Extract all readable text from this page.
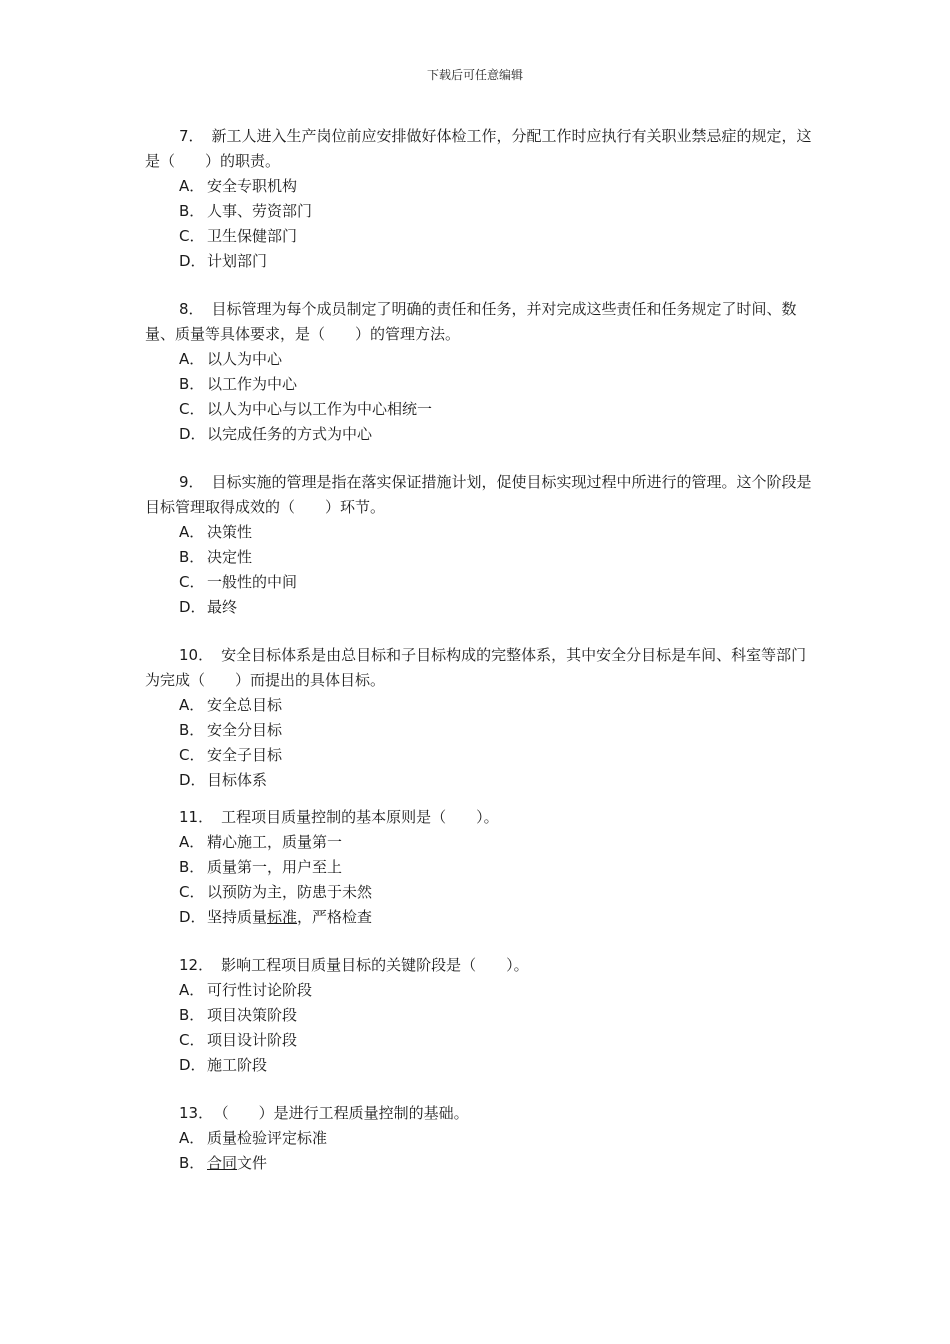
下载后可任意编辑

7． 新工人进入生产岗位前应安排做好体检工作，分配工作时应执行有关职业禁忌症的规定，这是（　　）的职责。

A． 安全专职机构

B． 人事、劳资部门

C． 卫生保健部门

D．计划部门

8． 目标管理为每个成员制定了明确的责任和任务，并对完成这些责任和任务规定了时间、数量、质量等具体要求，是（　　）的管理方法。

A． 以人为中心

B． 以工作为中心

C． 以人为中心与以工作为中心相统一

D．以完成任务的方式为中心

9． 目标实施的管理是指在落实保证措施计划，促使目标实现过程中所进行的管理。这个阶段是目标管理取得成效的（　　）环节。

A． 决策性

B． 决定性

C． 一般性的中间

D．最终

10． 安全目标体系是由总目标和子目标构成的完整体系，其中安全分目标是车间、科室等部门为完成（　　）而提出的具体目标。

A． 安全总目标

B． 安全分目标

C． 安全子目标

D．目标体系

11． 工程项目质量控制的基本原则是（　　）。

A． 精心施工，质量第一

B． 质量第一，用户至上

C． 以预防为主，防患于未然

D．坚持质量标准，严格检查

12． 影响工程项目质量目标的关键阶段是（　　）。

A． 可行性讨论阶段

B． 项目决策阶段

C． 项目设计阶段

D．施工阶段

13． （　　）是进行工程质量控制的基础。

A． 质量检验评定标准

B． 合同文件
